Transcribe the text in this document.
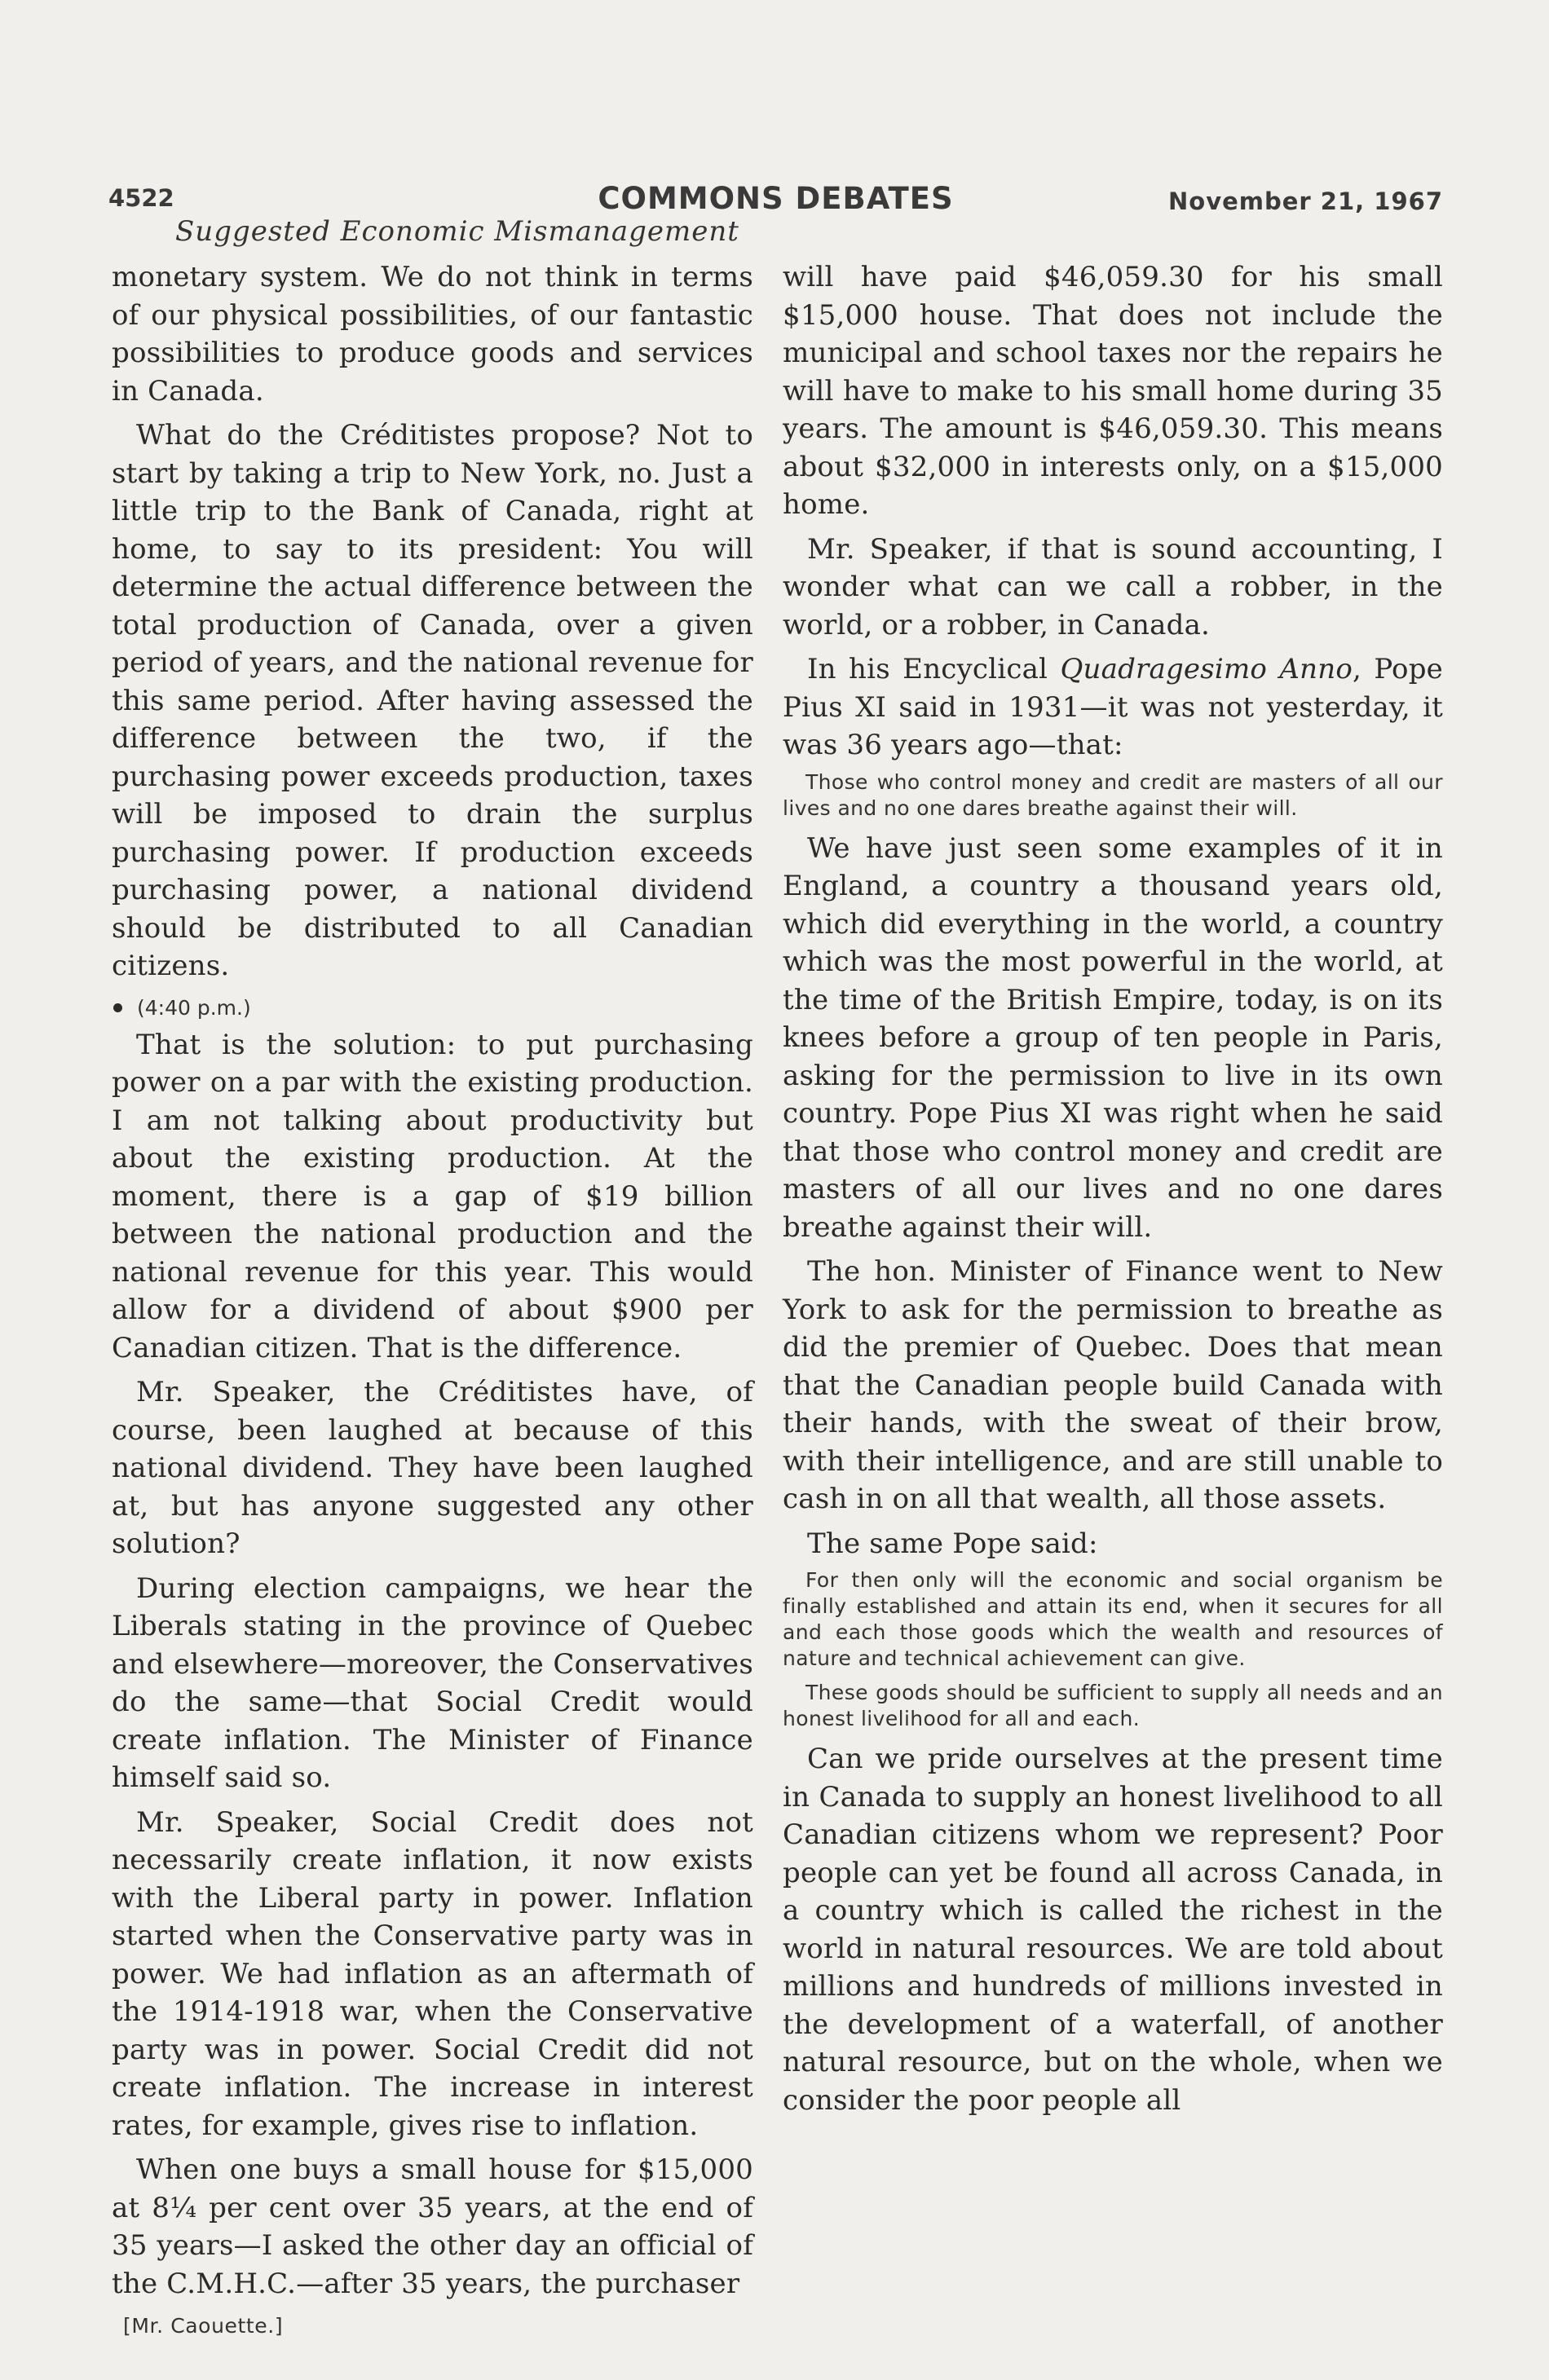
4522	COMMONS DEBATES	November 21, 1967
Suggested Economic Mismanagement

monetary system. We do not think in terms of our physical possibilities, of our fantastic possibilities to produce goods and services in Canada.

What do the Créditistes propose? Not to start by taking a trip to New York, no. Just a little trip to the Bank of Canada, right at home, to say to its president: You will determine the actual difference between the total production of Canada, over a given period of years, and the national revenue for this same period. After having assessed the difference between the two, if the purchasing power exceeds production, taxes will be imposed to drain the surplus purchasing power. If production exceeds purchasing power, a national dividend should be distributed to all Canadian citizens.

(4:40 p.m.)

That is the solution: to put purchasing power on a par with the existing production. I am not talking about productivity but about the existing production. At the moment, there is a gap of $19 billion between the national production and the national revenue for this year. This would allow for a dividend of about $900 per Canadian citizen. That is the difference.

Mr. Speaker, the Créditistes have, of course, been laughed at because of this national dividend. They have been laughed at, but has anyone suggested any other solution?

During election campaigns, we hear the Liberals stating in the province of Quebec and elsewhere—moreover, the Conservatives do the same—that Social Credit would create inflation. The Minister of Finance himself said so.

Mr. Speaker, Social Credit does not necessarily create inflation, it now exists with the Liberal party in power. Inflation started when the Conservative party was in power. We had inflation as an aftermath of the 1914-1918 war, when the Conservative party was in power. Social Credit did not create inflation. The increase in interest rates, for example, gives rise to inflation.

When one buys a small house for $15,000 at 8¼ per cent over 35 years, at the end of 35 years—I asked the other day an official of the C.M.H.C.—after 35 years, the purchaser

[Mr. Caouette.]

will have paid $46,059.30 for his small $15,000 house. That does not include the municipal and school taxes nor the repairs he will have to make to his small home during 35 years. The amount is $46,059.30. This means about $32,000 in interests only, on a $15,000 home.

Mr. Speaker, if that is sound accounting, I wonder what can we call a robber, in the world, or a robber, in Canada.

In his Encyclical Quadragesimo Anno, Pope Pius XI said in 1931—it was not yesterday, it was 36 years ago—that:

Those who control money and credit are masters of all our lives and no one dares breathe against their will.

We have just seen some examples of it in England, a country a thousand years old, which did everything in the world, a country which was the most powerful in the world, at the time of the British Empire, today, is on its knees before a group of ten people in Paris, asking for the permission to live in its own country. Pope Pius XI was right when he said that those who control money and credit are masters of all our lives and no one dares breathe against their will.

The hon. Minister of Finance went to New York to ask for the permission to breathe as did the premier of Quebec. Does that mean that the Canadian people build Canada with their hands, with the sweat of their brow, with their intelligence, and are still unable to cash in on all that wealth, all those assets.

The same Pope said:

For then only will the economic and social organism be finally established and attain its end, when it secures for all and each those goods which the wealth and resources of nature and technical achievement can give.

These goods should be sufficient to supply all needs and an honest livelihood for all and each.

Can we pride ourselves at the present time in Canada to supply an honest livelihood to all Canadian citizens whom we represent? Poor people can yet be found all across Canada, in a country which is called the richest in the world in natural resources. We are told about millions and hundreds of millions invested in the development of a waterfall, of another natural resource, but on the whole, when we consider the poor people all
